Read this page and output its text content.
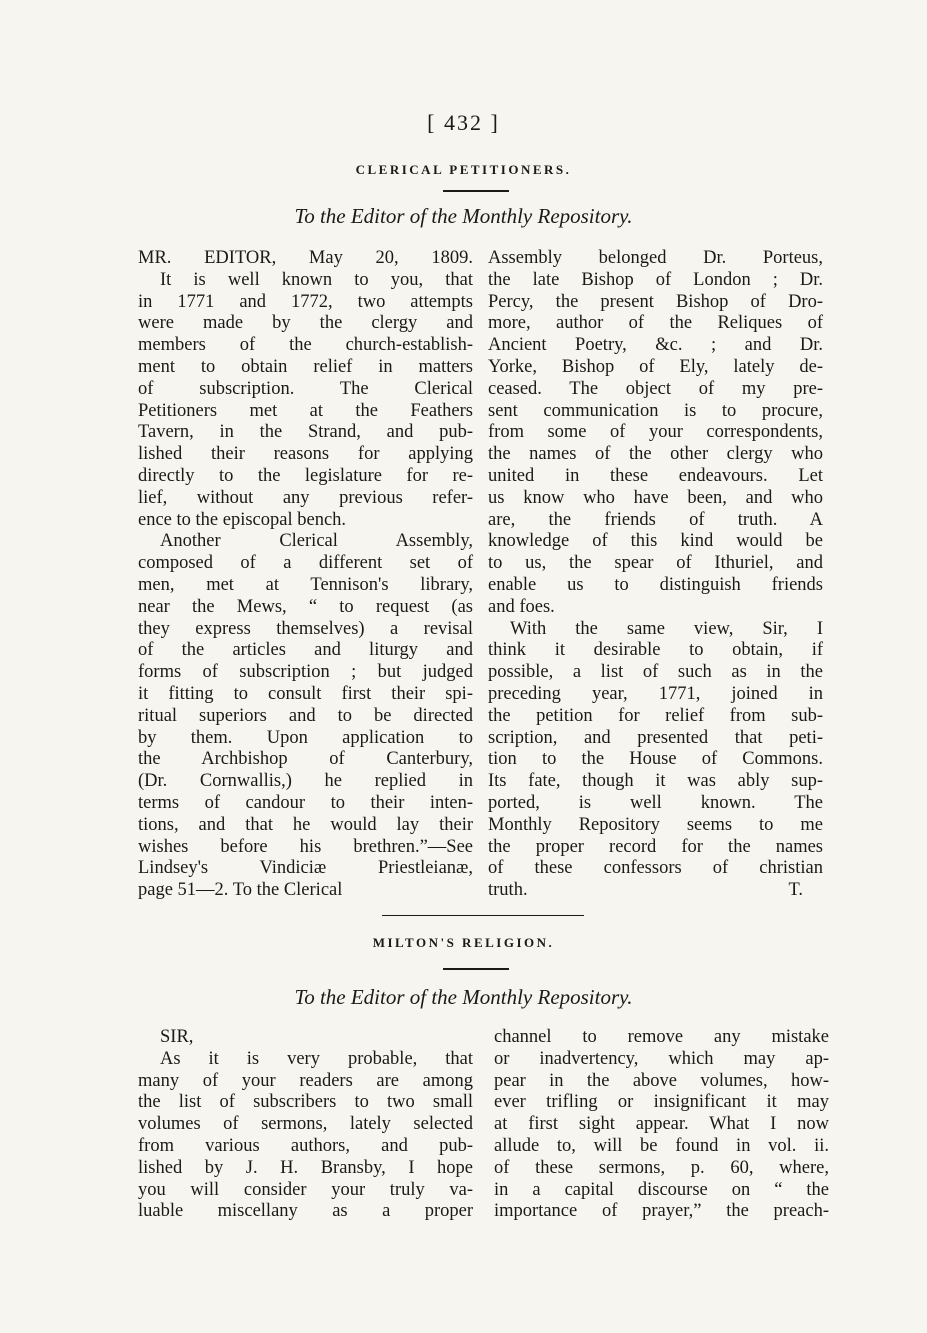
[ 432 ]
CLERICAL PETITIONERS.
To the Editor of the Monthly Repository.
MR. EDITOR, May 20, 1809.
It is well known to you, that
in 1771 and 1772, two attempts
were made by the clergy and
members of the church-establish-
ment to obtain relief in matters
of subscription. The Clerical
Petitioners met at the Feathers
Tavern, in the Strand, and pub-
lished their reasons for applying
directly to the legislature for re-
lief, without any previous refer-
ence to the episcopal bench.
Another Clerical Assembly,
composed of a different set of
men, met at Tennison's library,
near the Mews, “ to request (as
they express themselves) a revisal
of the articles and liturgy and
forms of subscription ; but judged
it fitting to consult first their spi-
ritual superiors and to be directed
by them. Upon application to
the Archbishop of Canterbury,
(Dr. Cornwallis,) he replied in
terms of candour to their inten-
tions, and that he would lay their
wishes before his brethren.”—See
Lindsey's Vindiciæ Priestleianæ,
page 51—2. To the Clerical
Assembly belonged Dr. Porteus,
the late Bishop of London ; Dr.
Percy, the present Bishop of Dro-
more, author of the Reliques of
Ancient Poetry, &c. ; and Dr.
Yorke, Bishop of Ely, lately de-
ceased. The object of my pre-
sent communication is to procure,
from some of your correspondents,
the names of the other clergy who
united in these endeavours. Let
us know who have been, and who
are, the friends of truth. A
knowledge of this kind would be
to us, the spear of Ithuriel, and
enable us to distinguish friends
and foes.
With the same view, Sir, I
think it desirable to obtain, if
possible, a list of such as in the
preceding year, 1771, joined in
the petition for relief from sub-
scription, and presented that peti-
tion to the House of Commons.
Its fate, though it was ably sup-
ported, is well known. The
Monthly Repository seems to me
the proper record for the names
of these confessors of christian
truth.	T.
MILTON'S RELIGION.
To the Editor of the Monthly Repository.
SIR,
As it is very probable, that
many of your readers are among
the list of subscribers to two small
volumes of sermons, lately selected
from various authors, and pub-
lished by J. H. Bransby, I hope
you will consider your truly va-
luable miscellany as a proper
channel to remove any mistake
or inadvertency, which may ap-
pear in the above volumes, how-
ever trifling or insignificant it may
at first sight appear. What I now
allude to, will be found in vol. ii.
of these sermons, p. 60, where,
in a capital discourse on “ the
importance of prayer,” the preach-
